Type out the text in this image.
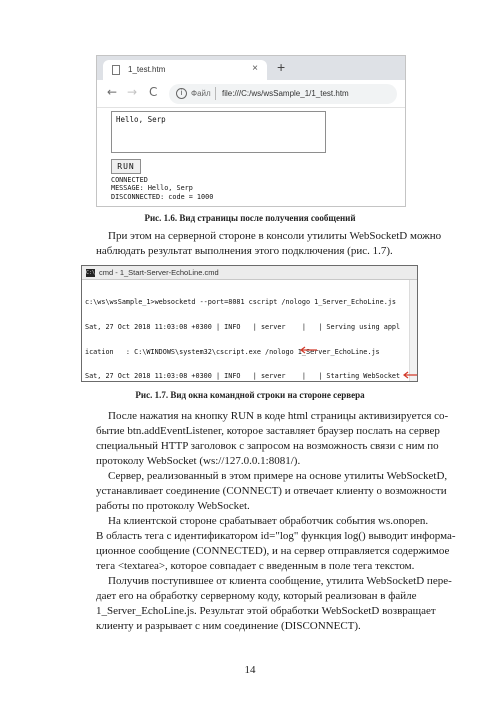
1_test.htm	× +
← → C	i	Файл file:///C:/ws/wsSample_1/1_test.htm
Hello, Serp
RUN
CONNECTED
MESSAGE: Hello, Serp
DISCONNECTED: code = 1000
Рис. 1.6. Вид страницы после получения сообщений
При этом на серверной стороне в консоли утилиты WebSocketD можно
наблюдать результат выполнения этого подключения (рис. 1.7).
C:\ cmd - 1_Start-Server-EchoLine.cmd

c:\ws\wsSample_1>websocketd --port=8081 cscript /nologo 1_Server_EchoLine.js

Sat, 27 Oct 2018 11:03:08 +0300 | INFO   | server    |   | Serving using appl

ication   : C:\WINDOWS\system32\cscript.exe /nologo 1_Server_EchoLine.js

Sat, 27 Oct 2018 11:03:08 +0300 | INFO   | server    |   | Starting WebSocket

Рис. 1.7. Вид окна командной строки на стороне сервера
После нажатия на кнопку RUN в коде html страницы активизируется со-
бытие btn.addEventListener, которое заставляет браузер послать на сервер
специальный HTTP заголовок с запросом на возможность связи с ним по
протоколу WebSocket (ws://127.0.0.1:8081/).
Сервер, реализованный в этом примере на основе утилиты WebSocketD,
устанавливает соединение (CONNECT) и отвечает клиенту о возможности
работы по протоколу WebSocket.
На клиентской стороне срабатывает обработчик события ws.onopen.
В область тега с идентификатором id="log" функция log() выводит информа-
ционное сообщение (CONNECTED), и на сервер отправляется содержимое
тега <textarea>, которое совпадает с введенным в поле тега текстом.
Получив поступившее от клиента сообщение, утилита WebSocketD пере-
дает его на обработку серверному коду, который реализован в файле
1_Server_EchoLine.js. Результат этой обработки WebSocketD возвращает
клиенту и разрывает с ним соединение (DISCONNECT).
14
